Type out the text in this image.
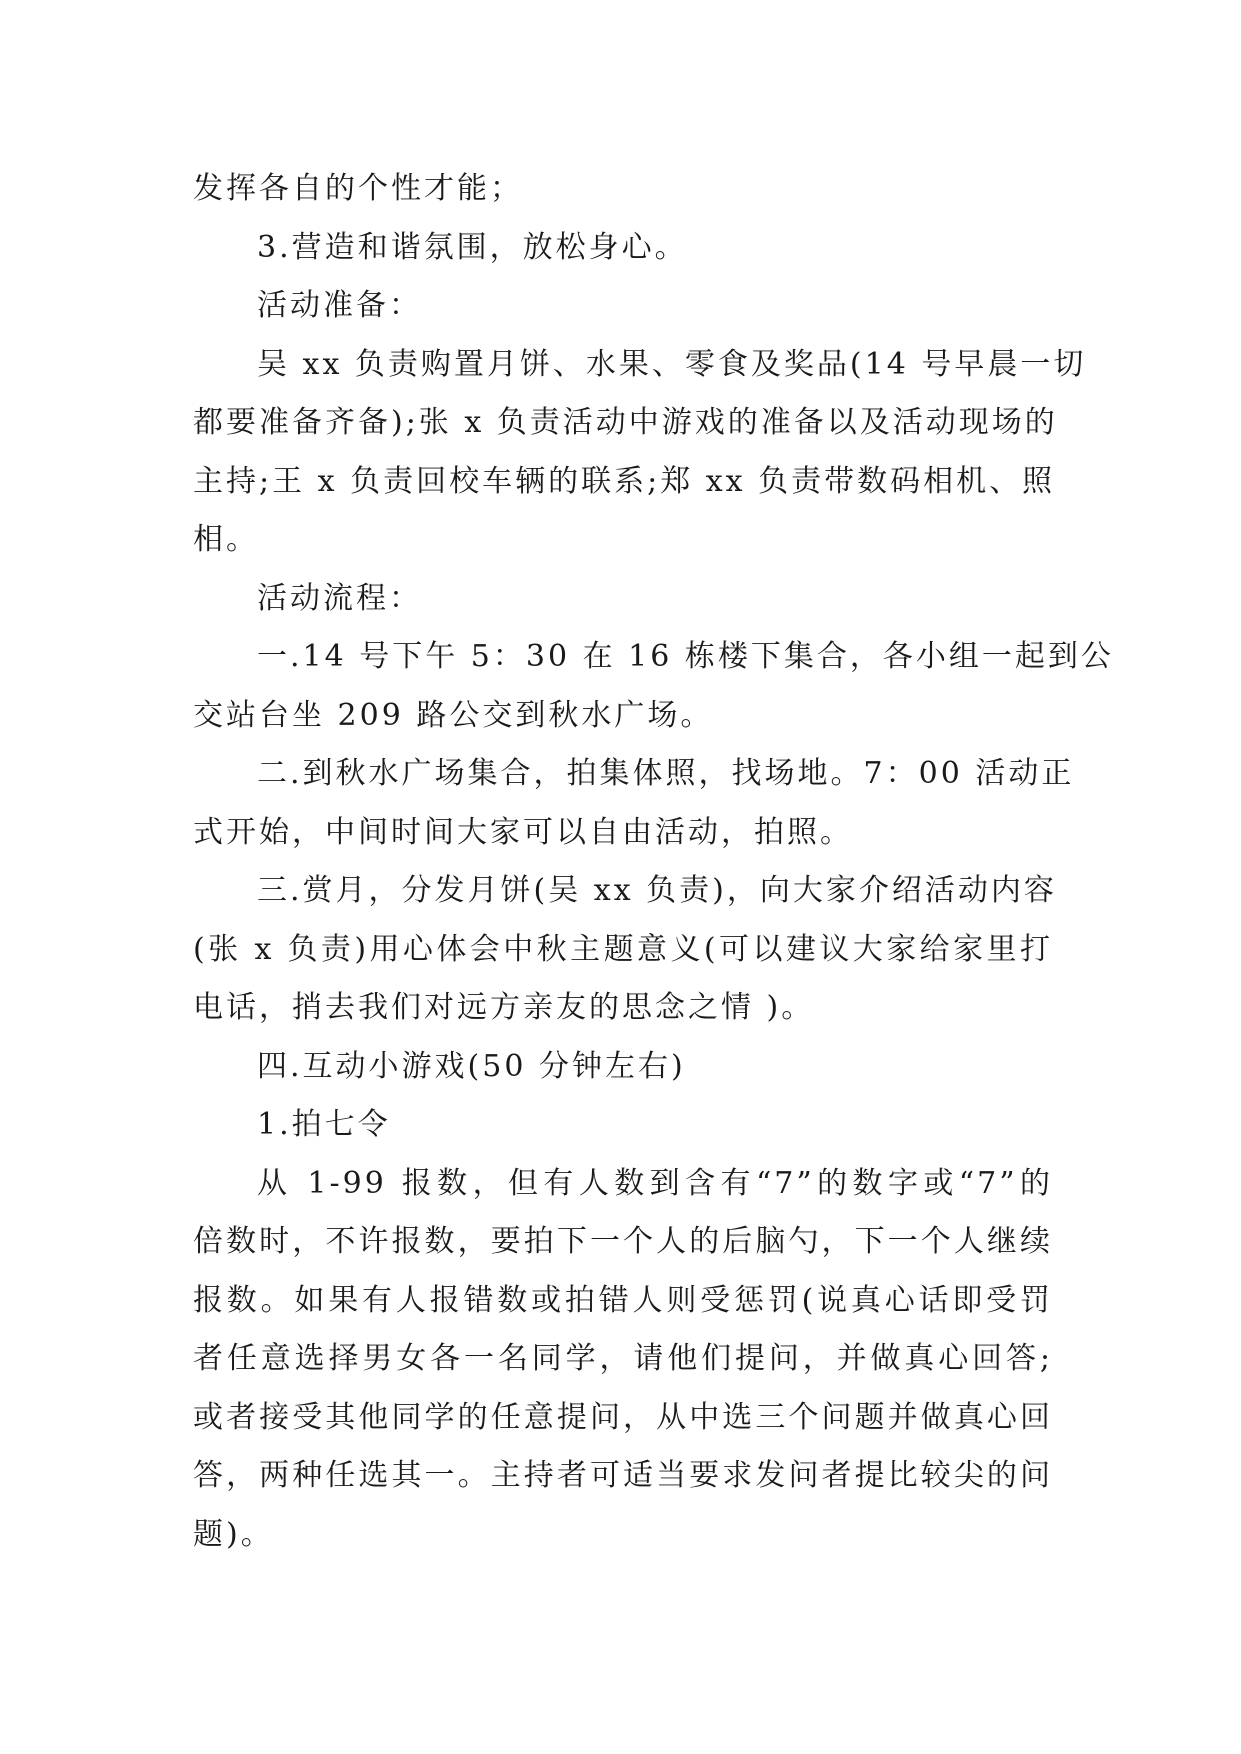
发挥各自的个性才能；
3.营造和谐氛围，放松身心。
活动准备：
吴 xx 负责购置月饼、水果、零食及奖品(14 号早晨一切
都要准备齐备);张 x 负责活动中游戏的准备以及活动现场的
主持;王 x 负责回校车辆的联系;郑 xx 负责带数码相机、照
相。
活动流程：
一.14 号下午 5：30 在 16 栋楼下集合，各小组一起到公
交站台坐 209 路公交到秋水广场。
二.到秋水广场集合，拍集体照，找场地。7：00 活动正
式开始，中间时间大家可以自由活动，拍照。
三.赏月，分发月饼(吴 xx 负责)，向大家介绍活动内容
(张 x 负责)用心体会中秋主题意义(可以建议大家给家里打
电话，捎去我们对远方亲友的思念之情 )。
四.互动小游戏(50 分钟左右)
1.拍七令
从 1-99 报数，但有人数到含有“7”的数字或“7”的
倍数时，不许报数，要拍下一个人的后脑勺，下一个人继续
报数。如果有人报错数或拍错人则受惩罚(说真心话即受罚
者任意选择男女各一名同学，请他们提问，并做真心回答;
或者接受其他同学的任意提问，从中选三个问题并做真心回
答，两种任选其一。主持者可适当要求发问者提比较尖的问
题)。
